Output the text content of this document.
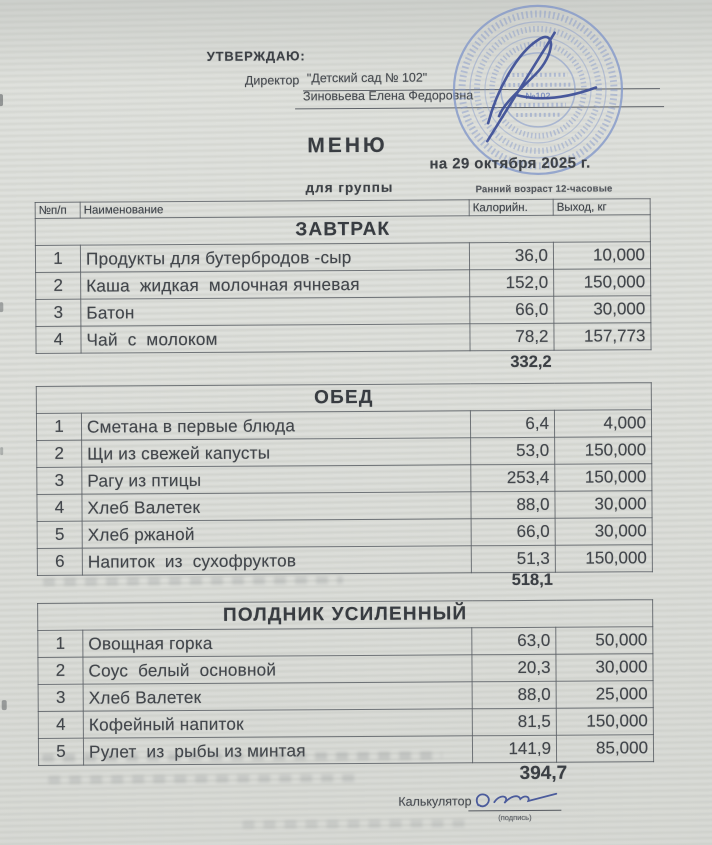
УТВЕРЖДАЮ:
Директор "Детский сад № 102"
Зиновьева Елена Федоровна	№102
МЕНЮ
на 29 октября 2025 г.
для группы	Ранний возраст 12-часовые
№п/п	Наименование	Калорийн.	Выход, кг
ЗАВТРАК			
1	Продукты для бутербродов -сыр	36,0	10,000
2	Каша  жидкая  молочная ячневая	152,0	150,000
3	Батон	66,0	30,000
4	Чай  с  молоком	78,2	157,773
332,2
ОБЕД			
1	Сметана в первые блюда	6,4	4,000
2	Щи из свежей капусты	53,0	150,000
3	Рагу из птицы	253,4	150,000
4	Хлеб Валетек	88,0	30,000
5	Хлеб ржаной	66,0	30,000
6	Напиток  из  сухофруктов	51,3	150,000
518,1
ПОЛДНИК УСИЛЕННЫЙ			
1	Овощная горка	63,0	50,000
2	Соус  белый  основной	20,3	30,000
3	Хлеб Валетек	88,0	25,000
4	Кофейный напиток	81,5	150,000
5	Рулет  из  рыбы из минтая	141,9	85,000
394,7
Калькулятор
(подпись)
